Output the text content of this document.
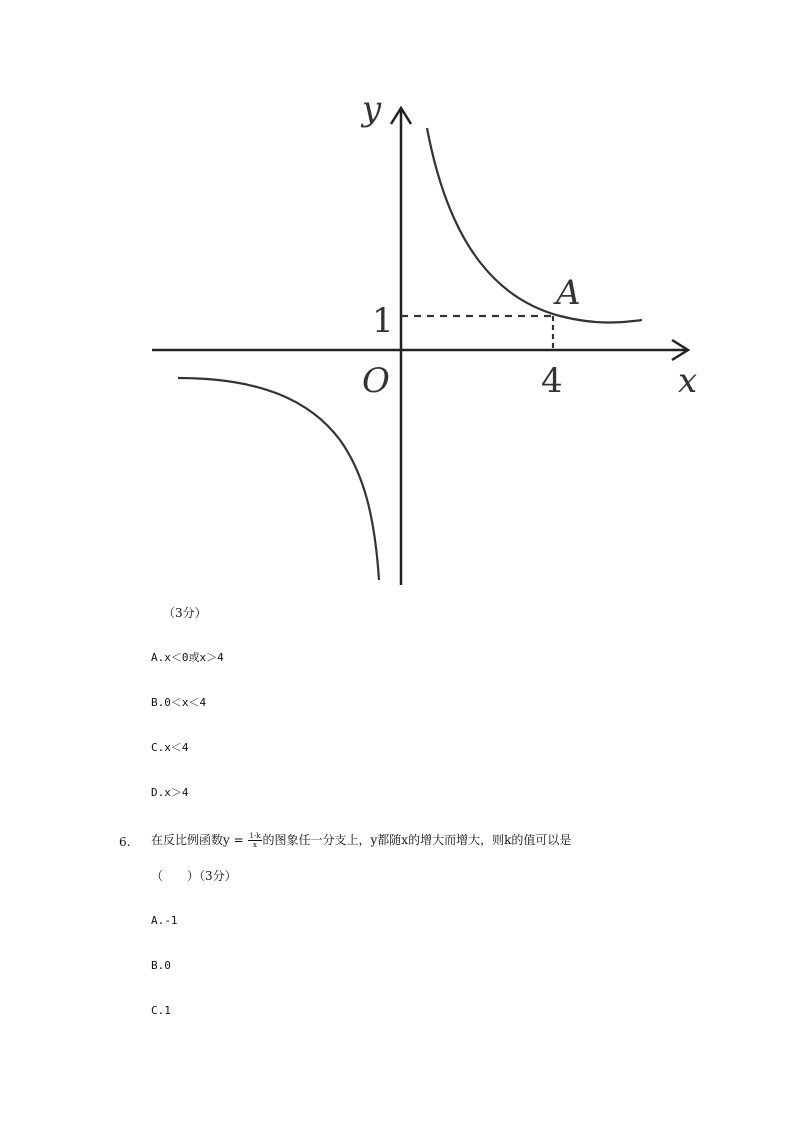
y
x
O
A
1
4
（3分）
A.x＜0或x＞4
B.0＜x＜4
C.x＜4
D.x＞4
6. 在反比例函数$y = \frac{1-k}{x}$ 的图象任一分支上，y都随x的增大而增大，则k的值可以是
（　　）（3分）
A.-1
B.0
C.1
